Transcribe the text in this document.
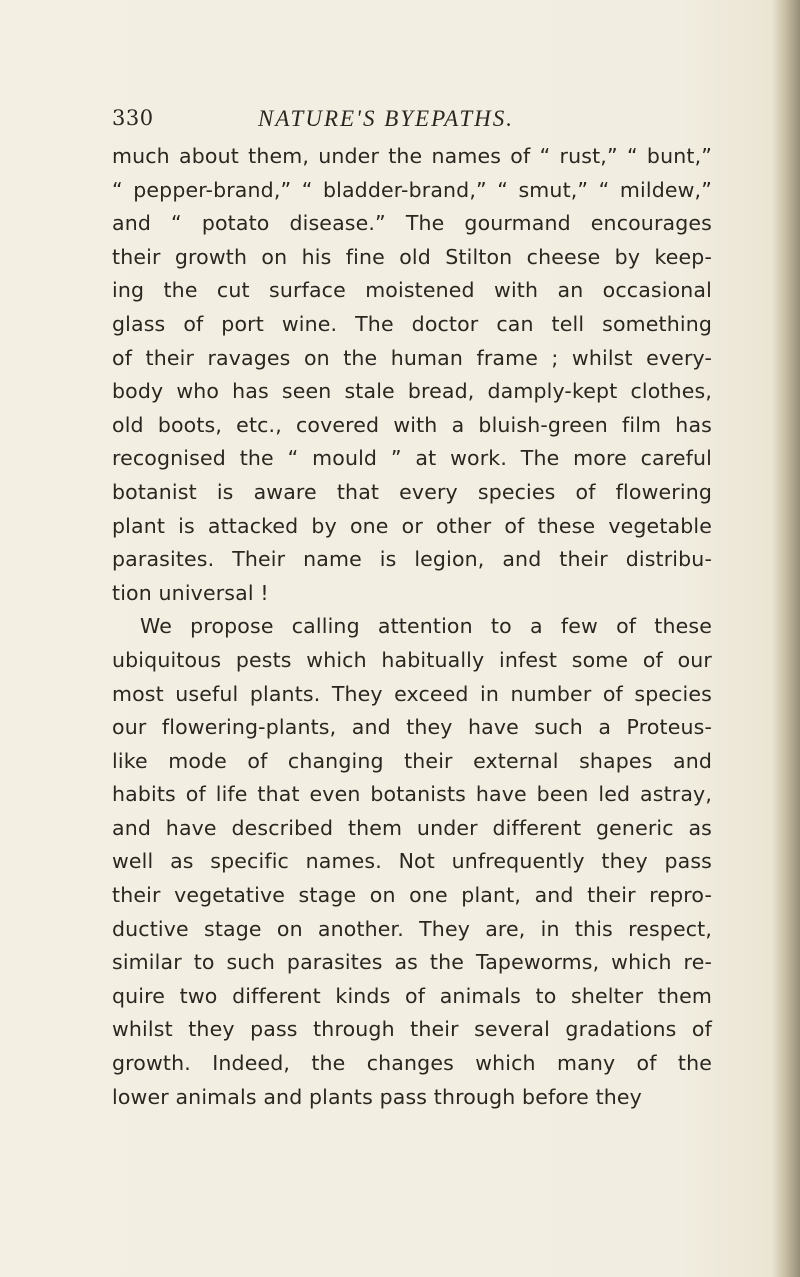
330	NATURE'S BYEPATHS.
much about them, under the names of “ rust,” “ bunt,”
“ pepper-brand,” “ bladder-brand,” “ smut,” “ mildew,”
and “ potato disease.” The gourmand encourages
their growth on his fine old Stilton cheese by keep-
ing the cut surface moistened with an occasional
glass of port wine. The doctor can tell something
of their ravages on the human frame ; whilst every-
body who has seen stale bread, damply-kept clothes,
old boots, etc., covered with a bluish-green film has
recognised the “ mould ” at work. The more careful
botanist is aware that every species of flowering
plant is attacked by one or other of these vegetable
parasites. Their name is legion, and their distribu-
tion universal !
We propose calling attention to a few of these
ubiquitous pests which habitually infest some of our
most useful plants. They exceed in number of species
our flowering-plants, and they have such a Proteus-
like mode of changing their external shapes and
habits of life that even botanists have been led astray,
and have described them under different generic as
well as specific names. Not unfrequently they pass
their vegetative stage on one plant, and their repro-
ductive stage on another. They are, in this respect,
similar to such parasites as the Tapeworms, which re-
quire two different kinds of animals to shelter them
whilst they pass through their several gradations of
growth. Indeed, the changes which many of the
lower animals and plants pass through before they
